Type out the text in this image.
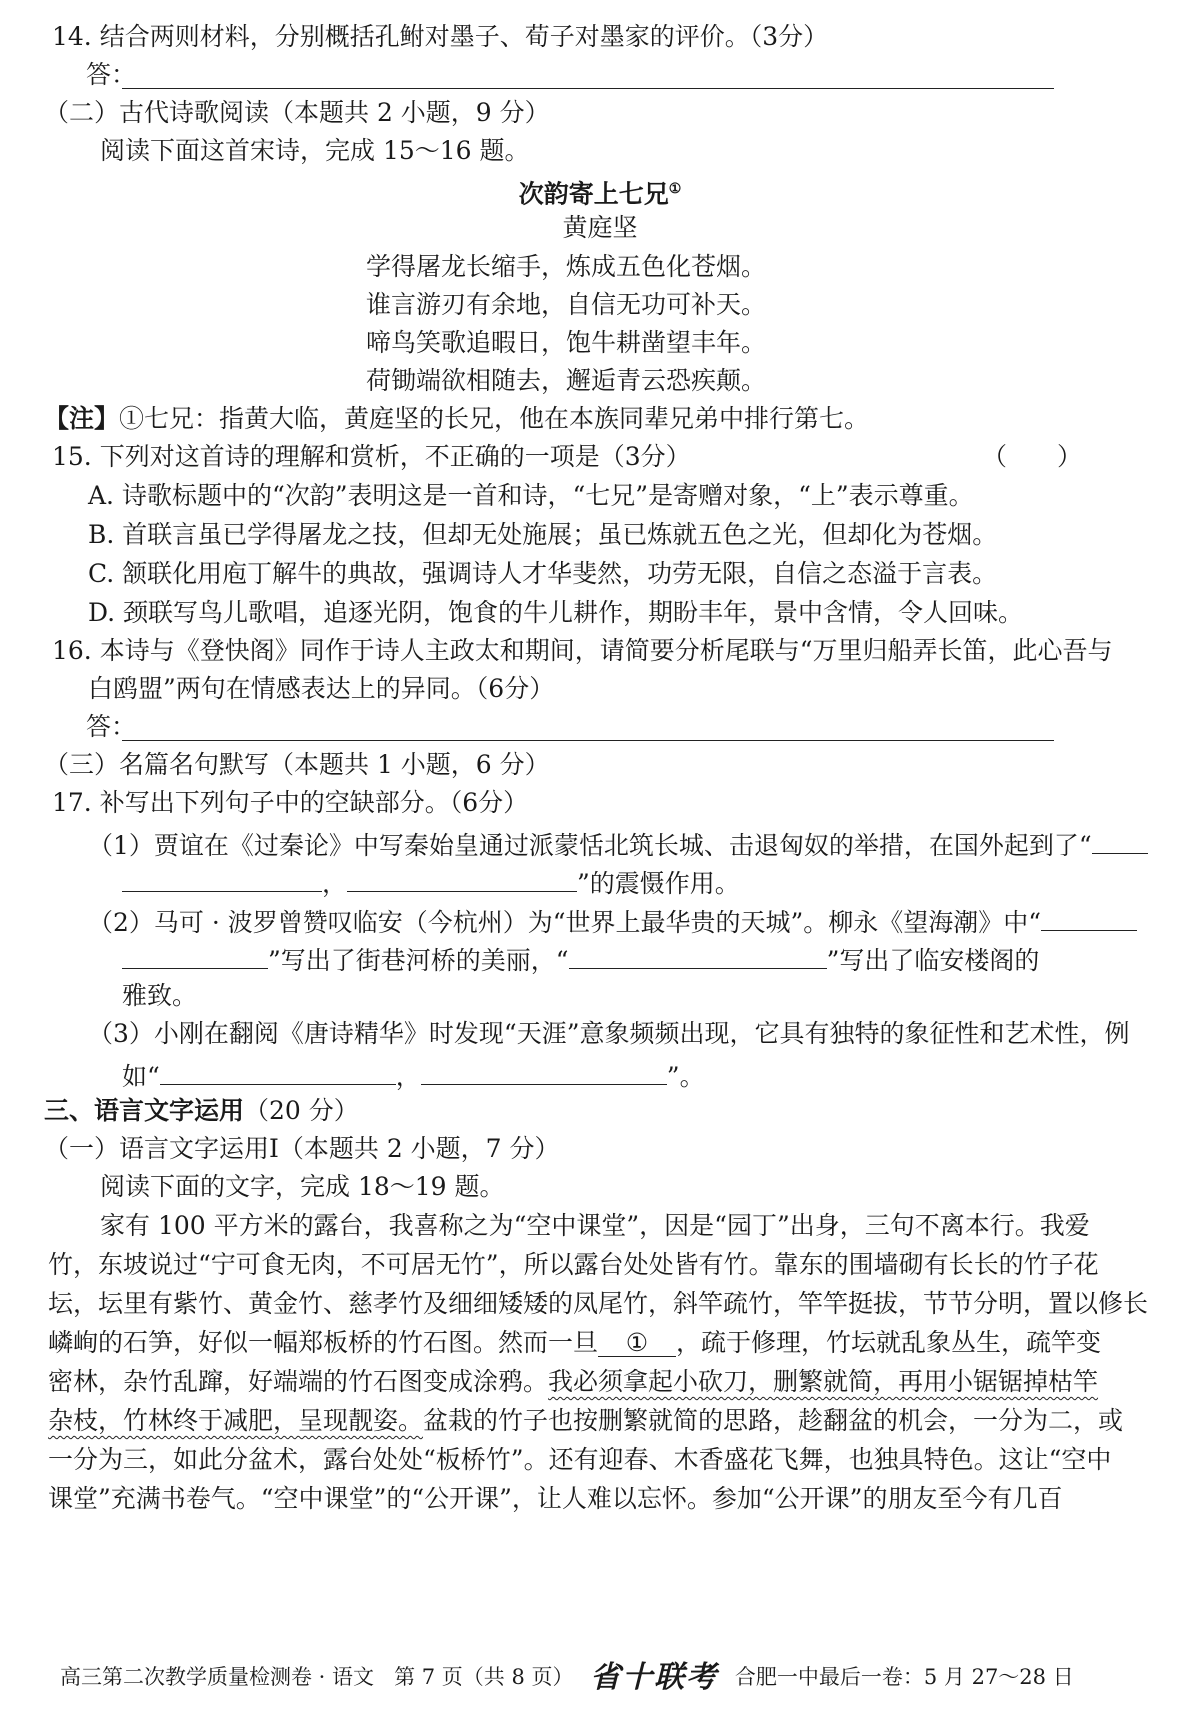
14. 结合两则材料，分别概括孔鲋对墨子、荀子对墨家的评价。（3分）
答：
（二）古代诗歌阅读（本题共 2 小题，9 分）
阅读下面这首宋诗，完成 15～16 题。
次韵寄上七兄①
黄庭坚
学得屠龙长缩手，炼成五色化苍烟。
谁言游刃有余地，自信无功可补天。
啼鸟笑歌追暇日，饱牛耕凿望丰年。
荷锄端欲相随去，邂逅青云恐疾颠。
【注】①七兄：指黄大临，黄庭坚的长兄，他在本族同辈兄弟中排行第七。
15. 下列对这首诗的理解和赏析，不正确的一项是（3分）	（　　）
A. 诗歌标题中的“次韵”表明这是一首和诗，“七兄”是寄赠对象，“上”表示尊重。
B. 首联言虽已学得屠龙之技，但却无处施展；虽已炼就五色之光，但却化为苍烟。
C. 颔联化用庖丁解牛的典故，强调诗人才华斐然，功劳无限，自信之态溢于言表。
D. 颈联写鸟儿歌唱，追逐光阴，饱食的牛儿耕作，期盼丰年，景中含情，令人回味。
16. 本诗与《登快阁》同作于诗人主政太和期间，请简要分析尾联与“万里归船弄长笛，此心吾与
白鸥盟”两句在情感表达上的异同。（6分）
答：
（三）名篇名句默写（本题共 1 小题，6 分）
17. 补写出下列句子中的空缺部分。（6分）
（1）贾谊在《过秦论》中写秦始皇通过派蒙恬北筑长城、击退匈奴的举措，在国外起到了“
，	”的震慑作用。
（2）马可 · 波罗曾赞叹临安（今杭州）为“世界上最华贵的天城”。柳永《望海潮》中“
”写出了街巷河桥的美丽，“	”写出了临安楼阁的
雅致。
（3）小刚在翻阅《唐诗精华》时发现“天涯”意象频频出现，它具有独特的象征性和艺术性，例
如“	，	”。
三、语言文字运用（20 分）
（一）语言文字运用Ⅰ（本题共 2 小题，7 分）
阅读下面的文字，完成 18～19 题。
家有 100 平方米的露台，我喜称之为“空中课堂”，因是“园丁”出身，三句不离本行。我爱
竹，东坡说过“宁可食无肉，不可居无竹”，所以露台处处皆有竹。靠东的围墙砌有长长的竹子花
坛，坛里有紫竹、黄金竹、慈孝竹及细细矮矮的凤尾竹，斜竿疏竹，竿竿挺拔，节节分明，置以修长
嶙峋的石笋，好似一幅郑板桥的竹石图。然而一旦 ① ，疏于修理，竹坛就乱象丛生，疏竿变
密林，杂竹乱蹿，好端端的竹石图变成涂鸦。我必须拿起小砍刀，删繁就简，再用小锯锯掉枯竿
杂枝，竹林终于减肥，呈现靓姿。盆栽的竹子也按删繁就简的思路，趁翻盆的机会，一分为二，或
一分为三，如此分盆术，露台处处“板桥竹”。还有迎春、木香盛花飞舞，也独具特色。这让“空中
课堂”充满书卷气。“空中课堂”的“公开课”，让人难以忘怀。参加“公开课”的朋友至今有几百
高三第二次教学质量检测卷 · 语文 第 7 页（共 8 页） 省十联考 合肥一中最后一卷：5 月 27～28 日
